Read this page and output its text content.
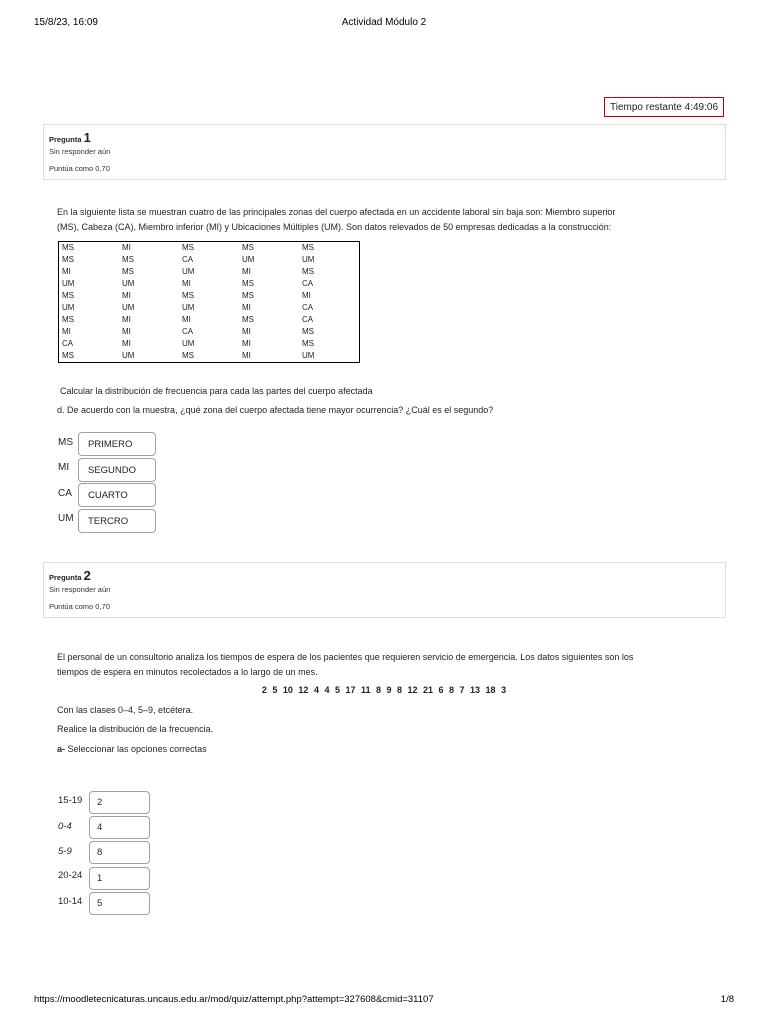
15/8/23, 16:09	Actividad Módulo 2
Tiempo restante 4:49:06
Pregunta 1
Sin responder aún
Puntúa como 0,70
En la siguiente lista se muestran cuatro de las principales zonas del cuerpo afectada en un accidente laboral sin baja son: Miembro superior
(MS), Cabeza (CA), Miembro inferior (MI) y Ubicaciones Múltiples (UM). Son datos relevados de 50 empresas dedicadas a la construcción:
MS	MI	MS	MS	MS
MS	MS	CA	UM	UM
MI	MS	UM	MI	MS
UM	UM	MI	MS	CA
MS	MI	MS	MS	MI
UM	UM	UM	MI	CA
MS	MI	MI	MS	CA
MI	MI	CA	MI	MS
CA	MI	UM	MI	MS
MS	UM	MS	MI	UM
Calcular la distribución de frecuencia para cada las partes del cuerpo afectada
d. De acuerdo con la muestra, ¿qué zona del cuerpo afectada tiene mayor ocurrencia? ¿Cuál es el segundo?
MS	PRIMERO
MI	SEGUNDO
CA	CUARTO
UM	TERCRO
Pregunta 2
Sin responder aún
Puntúa como 0,70
El personal de un consultorio analiza los tiempos de espera de los pacientes que requieren servicio de emergencia. Los datos siguientes son los
tiempos de espera en minutos recolectados a lo largo de un mes.
2 5 10 12 4 4 5 17 11 8 9 8 12 21 6 8 7 13 18 3
Con las clases 0–4, 5–9, etcétera.
Realice la distribución de la frecuencia.
a- Seleccionar las opciones correctas
15-19	2
0-4	4
5-9	8
20-24	1
10-14	5
https://moodletecnicaturas.uncaus.edu.ar/mod/quiz/attempt.php?attempt=327608&cmid=31107	1/8
